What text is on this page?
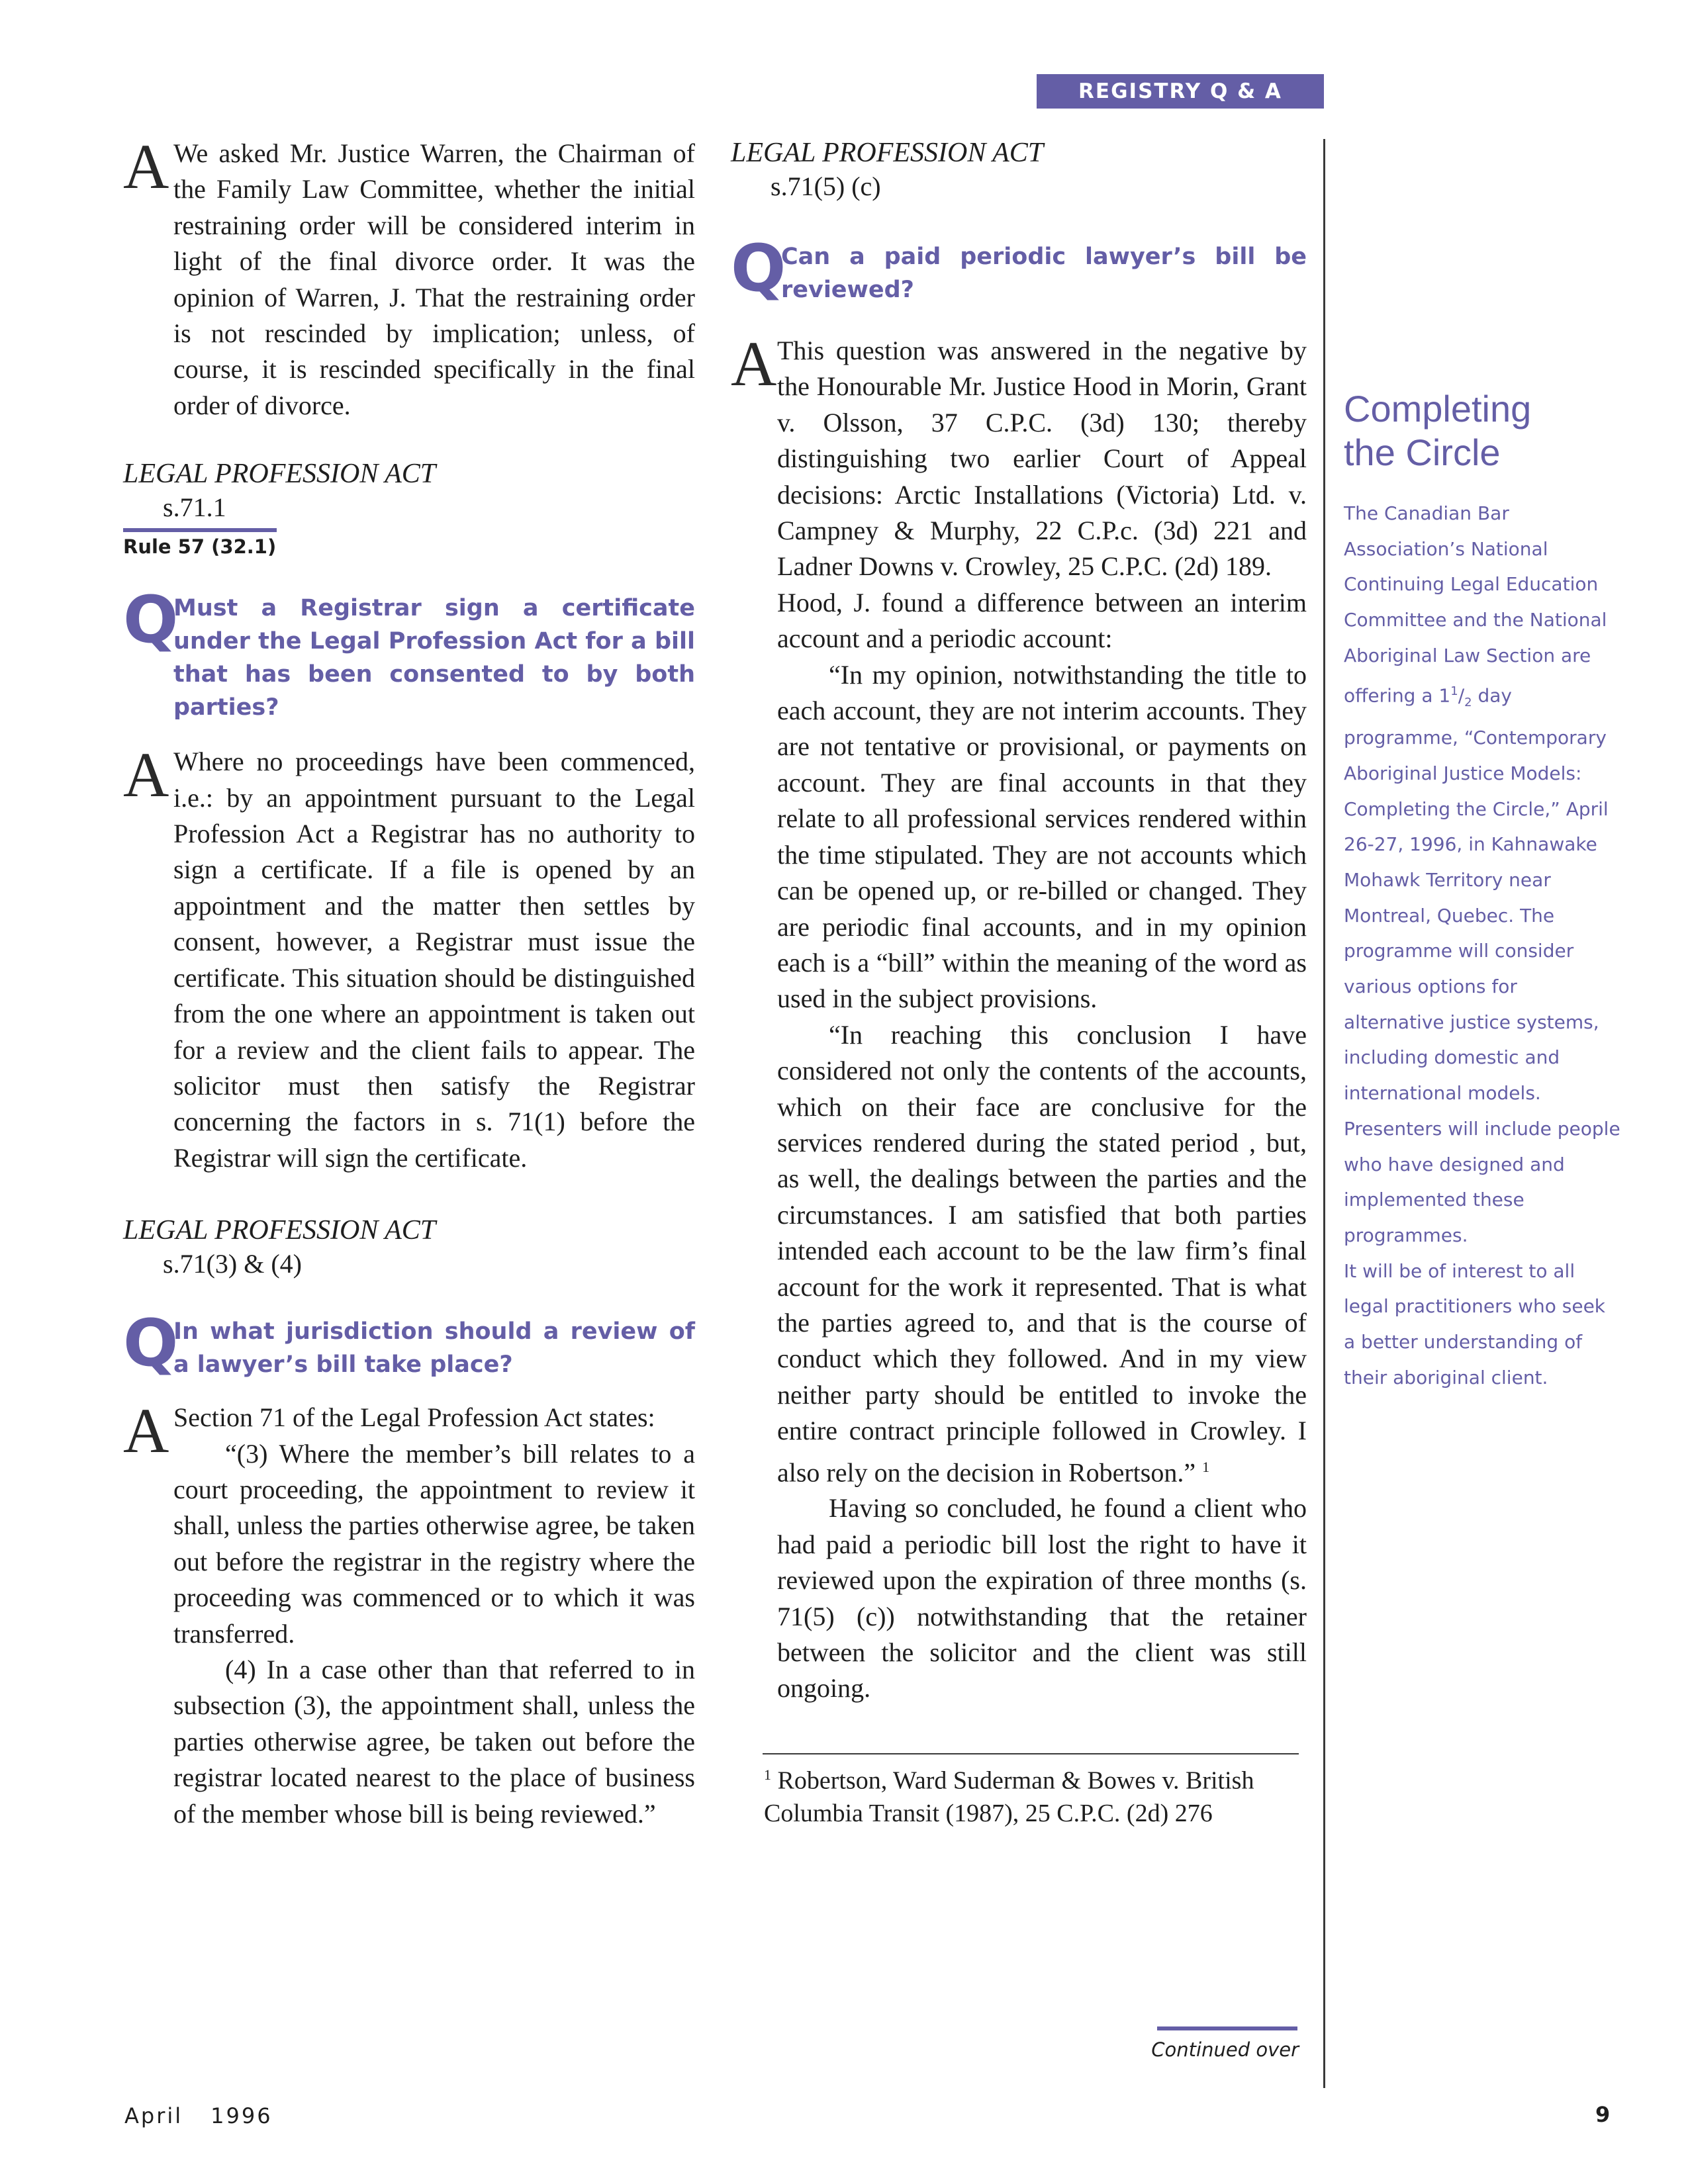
REGISTRY Q & A
A We asked Mr. Justice Warren, the Chairman of the Family Law Committee, whether the initial restraining order will be considered interim in light of the final divorce order. It was the opinion of Warren, J. That the restraining order is not rescinded by implication; unless, of course, it is rescinded specifically in the final order of divorce.

LEGAL PROFESSION ACT

s.71.1

Rule 57 (32.1)

Q

Must a Registrar sign a certificate under the Legal Profession Act for a bill that has been consented to by both parties?

A Where no proceedings have been commenced, i.e.: by an appointment pursuant to the Legal Profession Act a Registrar has no authority to sign a certificate. If a file is opened by an appointment and the matter then settles by consent, however, a Registrar must issue the certificate. This situation should be distinguished from the one where an appointment is taken out for a review and the client fails to appear. The solicitor must then satisfy the Registrar concerning the factors in s. 71(1) before the Registrar will sign the certificate.

LEGAL PROFESSION ACT

s.71(3) & (4)

Q

In what jurisdiction should a review of a lawyer’s bill take place?

A Section 71 of the Legal Profession Act states:

“(3) Where the member’s bill relates to a court proceeding, the appointment to review it shall, unless the parties otherwise agree, be taken out before the registrar in the registry where the proceeding was commenced or to which it was transferred.

(4) In a case other than that referred to in subsection (3), the appointment shall, unless the parties otherwise agree, be taken out before the registrar located nearest to the place of business of the member whose bill is being reviewed.”

LEGAL PROFESSION ACT

s.71(5) (c)

Q

Can a paid periodic lawyer’s bill be reviewed?

A This question was answered in the negative by the Honourable Mr. Justice Hood in Morin, Grant v. Olsson, 37 C.P.C. (3d) 130; thereby distinguishing two earlier Court of Appeal decisions: Arctic Installations (Victoria) Ltd. v. Campney & Murphy, 22 C.P.c. (3d) 221 and Ladner Downs v. Crowley, 25 C.P.C. (2d) 189.

Hood, J. found a difference between an interim account and a periodic account:

“In my opinion, notwithstanding the title to each account, they are not interim accounts. They are not tentative or provisional, or payments on account. They are final accounts in that they relate to all professional services rendered within the time stipulated. They are not accounts which can be opened up, or re-billed or changed. They are periodic final accounts, and in my opinion each is a “bill” within the meaning of the word as used in the subject provisions.

“In reaching this conclusion I have considered not only the contents of the accounts, which on their face are conclusive for the services rendered during the stated period , but, as well, the dealings between the parties and the circumstances. I am satisfied that both parties intended each account to be the law firm’s final account for the work it represented. That is what the parties agreed to, and that is the course of conduct which they followed. And in my view neither party should be entitled to invoke the entire contract principle followed in Crowley. I also rely on the decision in Robertson.” $^1$

Having so concluded, he found a client who had paid a periodic bill lost the right to have it reviewed upon the expiration of three months (s. 71(5) (c)) notwithstanding that the retainer between the solicitor and the client was still ongoing.

$^1$ Robertson, Ward Suderman & Bowes v. British Columbia Transit (1987), 25 C.P.C. (2d) 276

Continued over

Completing
the Circle

The Canadian Bar Association’s National Continuing Legal Education Committee and the National Aboriginal Law Section are offering a $1^1/_2$ day programme, “Contemporary Aboriginal Justice Models: Completing the Circle,” April 26-27, 1996, in Kahnawake Mohawk Territory near Montreal, Quebec. The programme will consider various options for alternative justice systems, including domestic and international models. Presenters will include people who have designed and implemented these programmes.

It will be of interest to all legal practitioners who seek a better understanding of their aboriginal client.

April 1996	9
